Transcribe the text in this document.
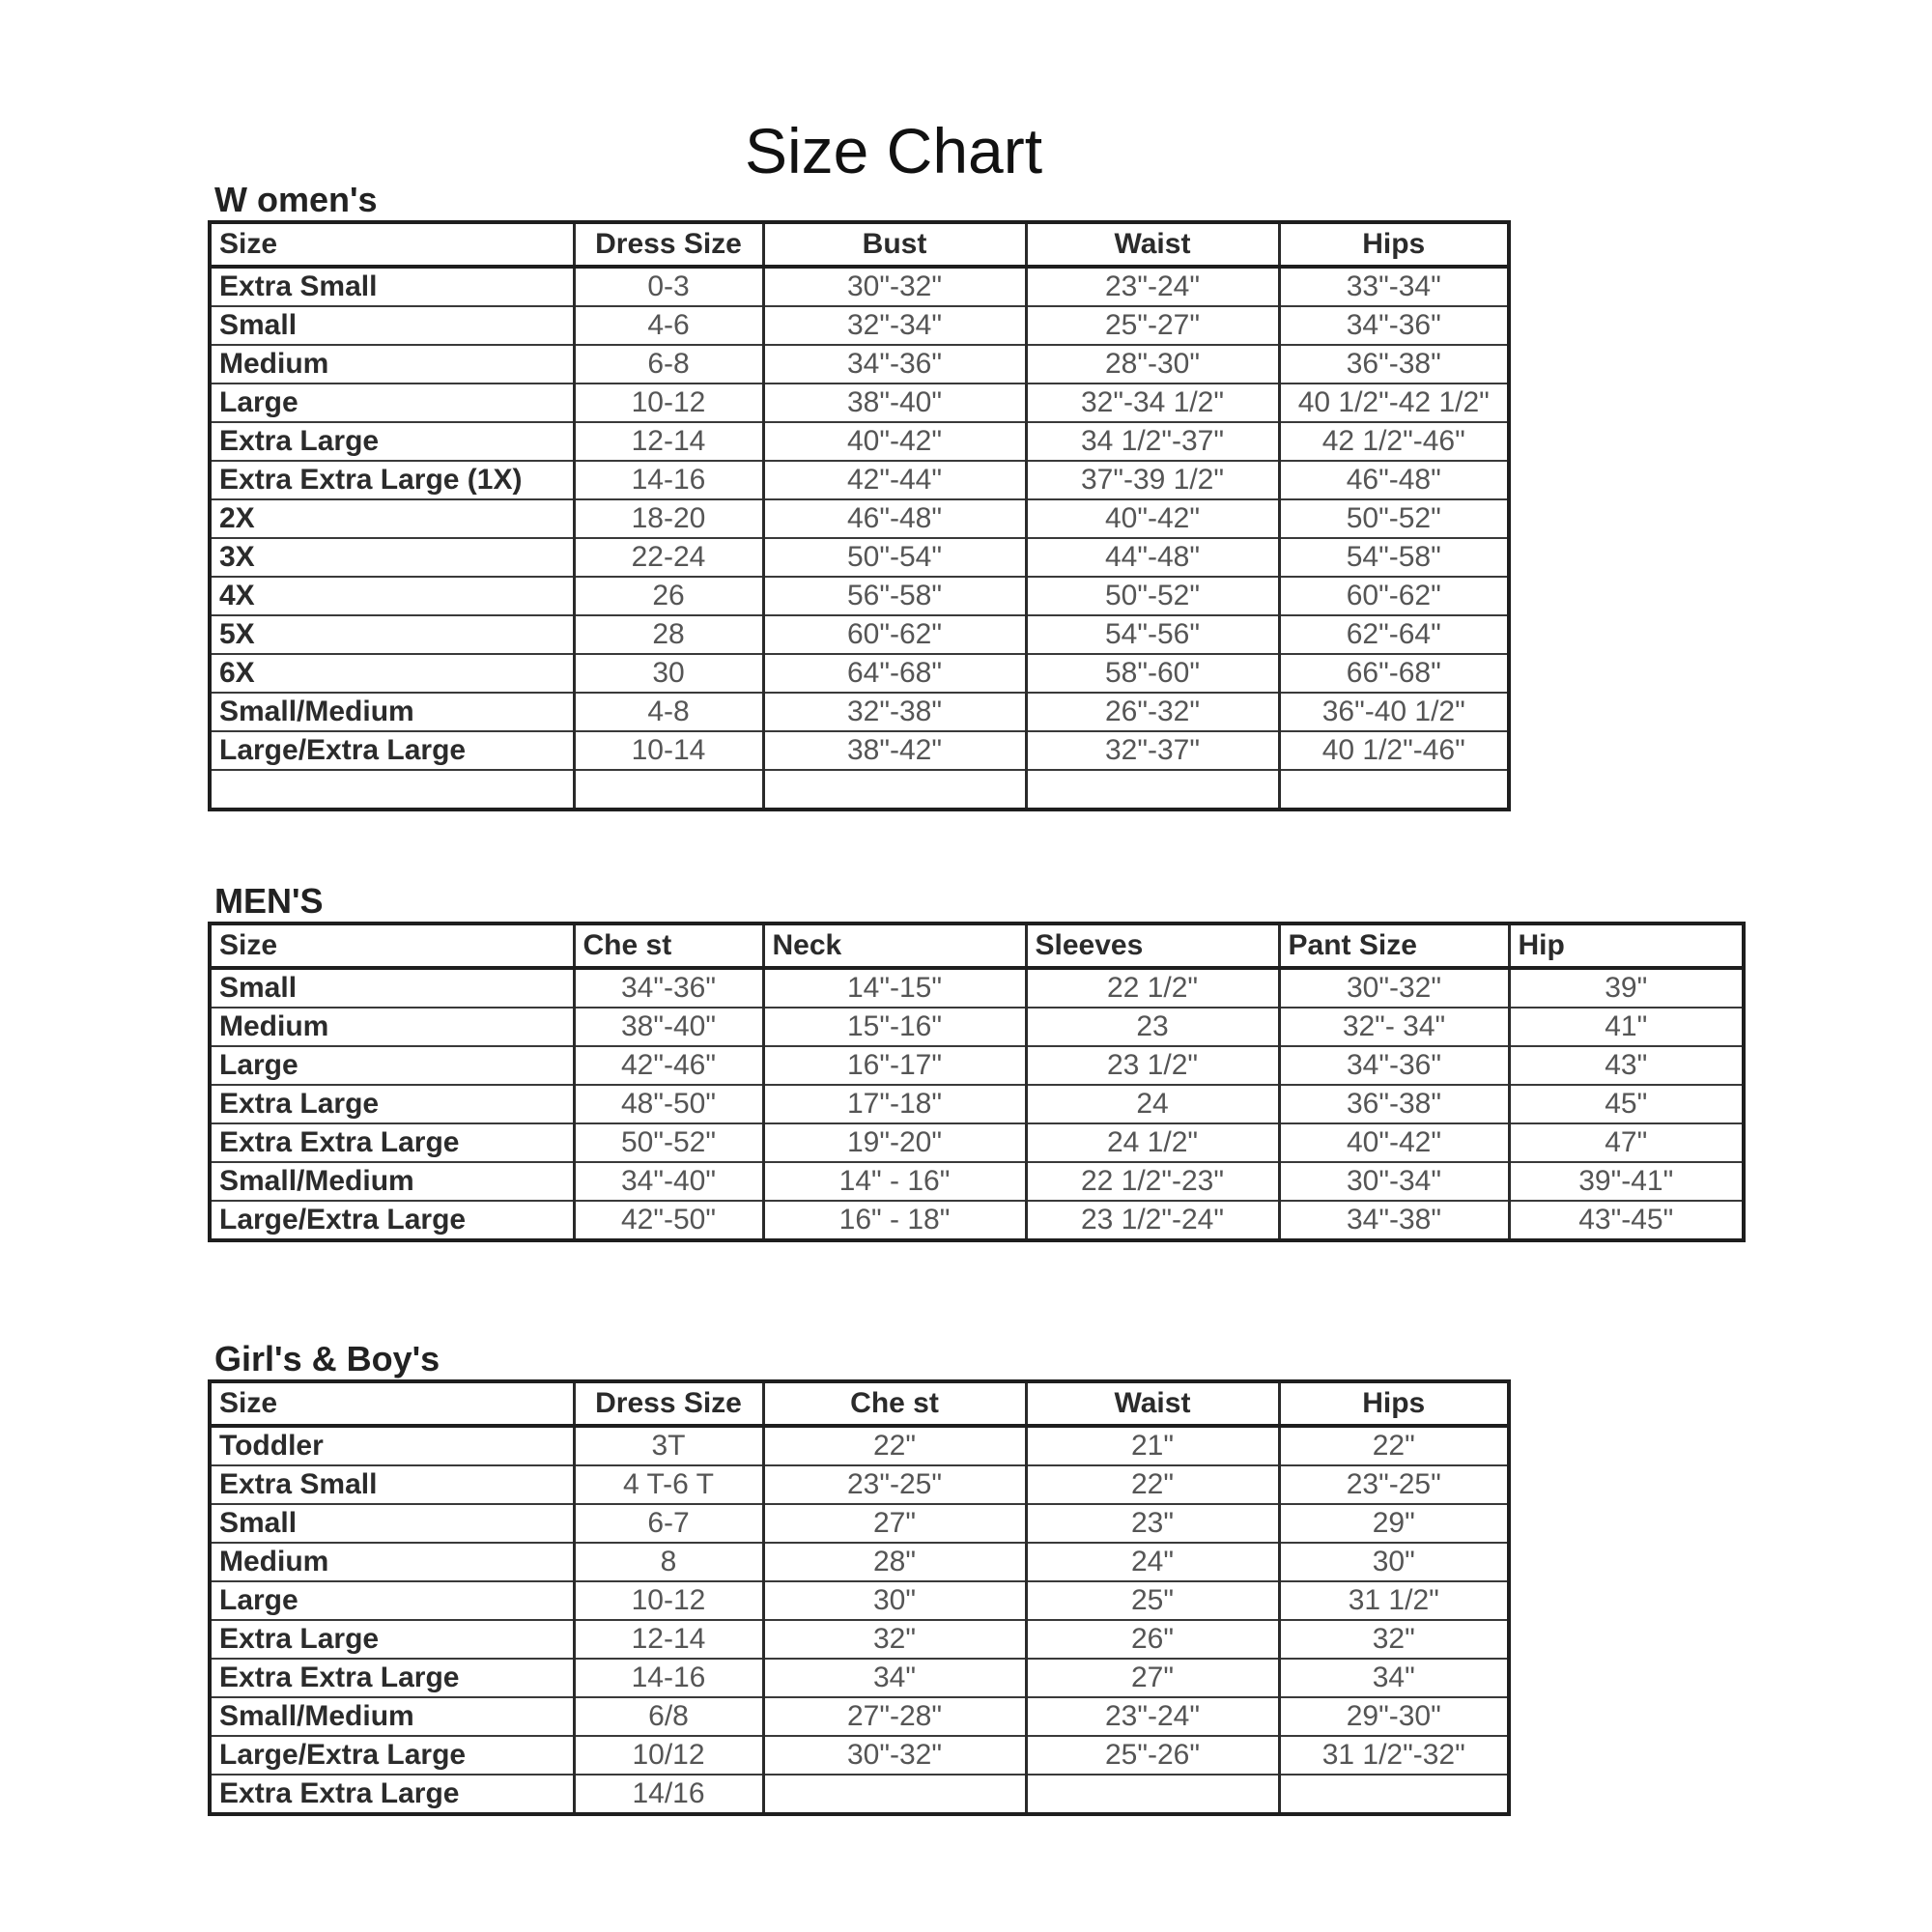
Size Chart
W omen's
Size	Dress Size	Bust	Waist	Hips
Extra Small	0-3	30"-32"	23"-24"	33"-34"
Small	4-6	32"-34"	25"-27"	34"-36"
Medium	6-8	34"-36"	28"-30"	36"-38"
Large	10-12	38"-40"	32"-34 1/2"	40 1/2"-42 1/2"
Extra Large	12-14	40"-42"	34 1/2"-37"	42 1/2"-46"
Extra Extra Large (1X)	14-16	42"-44"	37"-39 1/2"	46"-48"
2X	18-20	46"-48"	40"-42"	50"-52"
3X	22-24	50"-54"	44"-48"	54"-58"
4X	26	56"-58"	50"-52"	60"-62"
5X	28	60"-62"	54"-56"	62"-64"
6X	30	64"-68"	58"-60"	66"-68"
Small/Medium	4-8	32"-38"	26"-32"	36"-40 1/2"
Large/Extra Large	10-14	38"-42"	32"-37"	40 1/2"-46"

MEN'S
Size	Che st	Neck	Sleeves	Pant Size	Hip
Small	34"-36"	14"-15"	22 1/2"	30"-32"	39"
Medium	38"-40"	15"-16"	23	32"- 34"	41"
Large	42"-46"	16"-17"	23 1/2"	34"-36"	43"
Extra Large	48"-50"	17"-18"	24	36"-38"	45"
Extra Extra Large	50"-52"	19"-20"	24 1/2"	40"-42"	47"
Small/Medium	34"-40"	14" - 16"	22 1/2"-23"	30"-34"	39"-41"
Large/Extra Large	42"-50"	16" - 18"	23 1/2"-24"	34"-38"	43"-45"
Girl's & Boy's
Size	Dress Size	Che st	Waist	Hips
Toddler	3T	22"	21"	22"
Extra Small	4 T-6 T	23"-25"	22"	23"-25"
Small	6-7	27"	23"	29"
Medium	8	28"	24"	30"
Large	10-12	30"	25"	31 1/2"
Extra Large	12-14	32"	26"	32"
Extra Extra Large	14-16	34"	27"	34"
Small/Medium	6/8	27"-28"	23"-24"	29"-30"
Large/Extra Large	10/12	30"-32"	25"-26"	31 1/2"-32"
Extra Extra Large	14/16			
